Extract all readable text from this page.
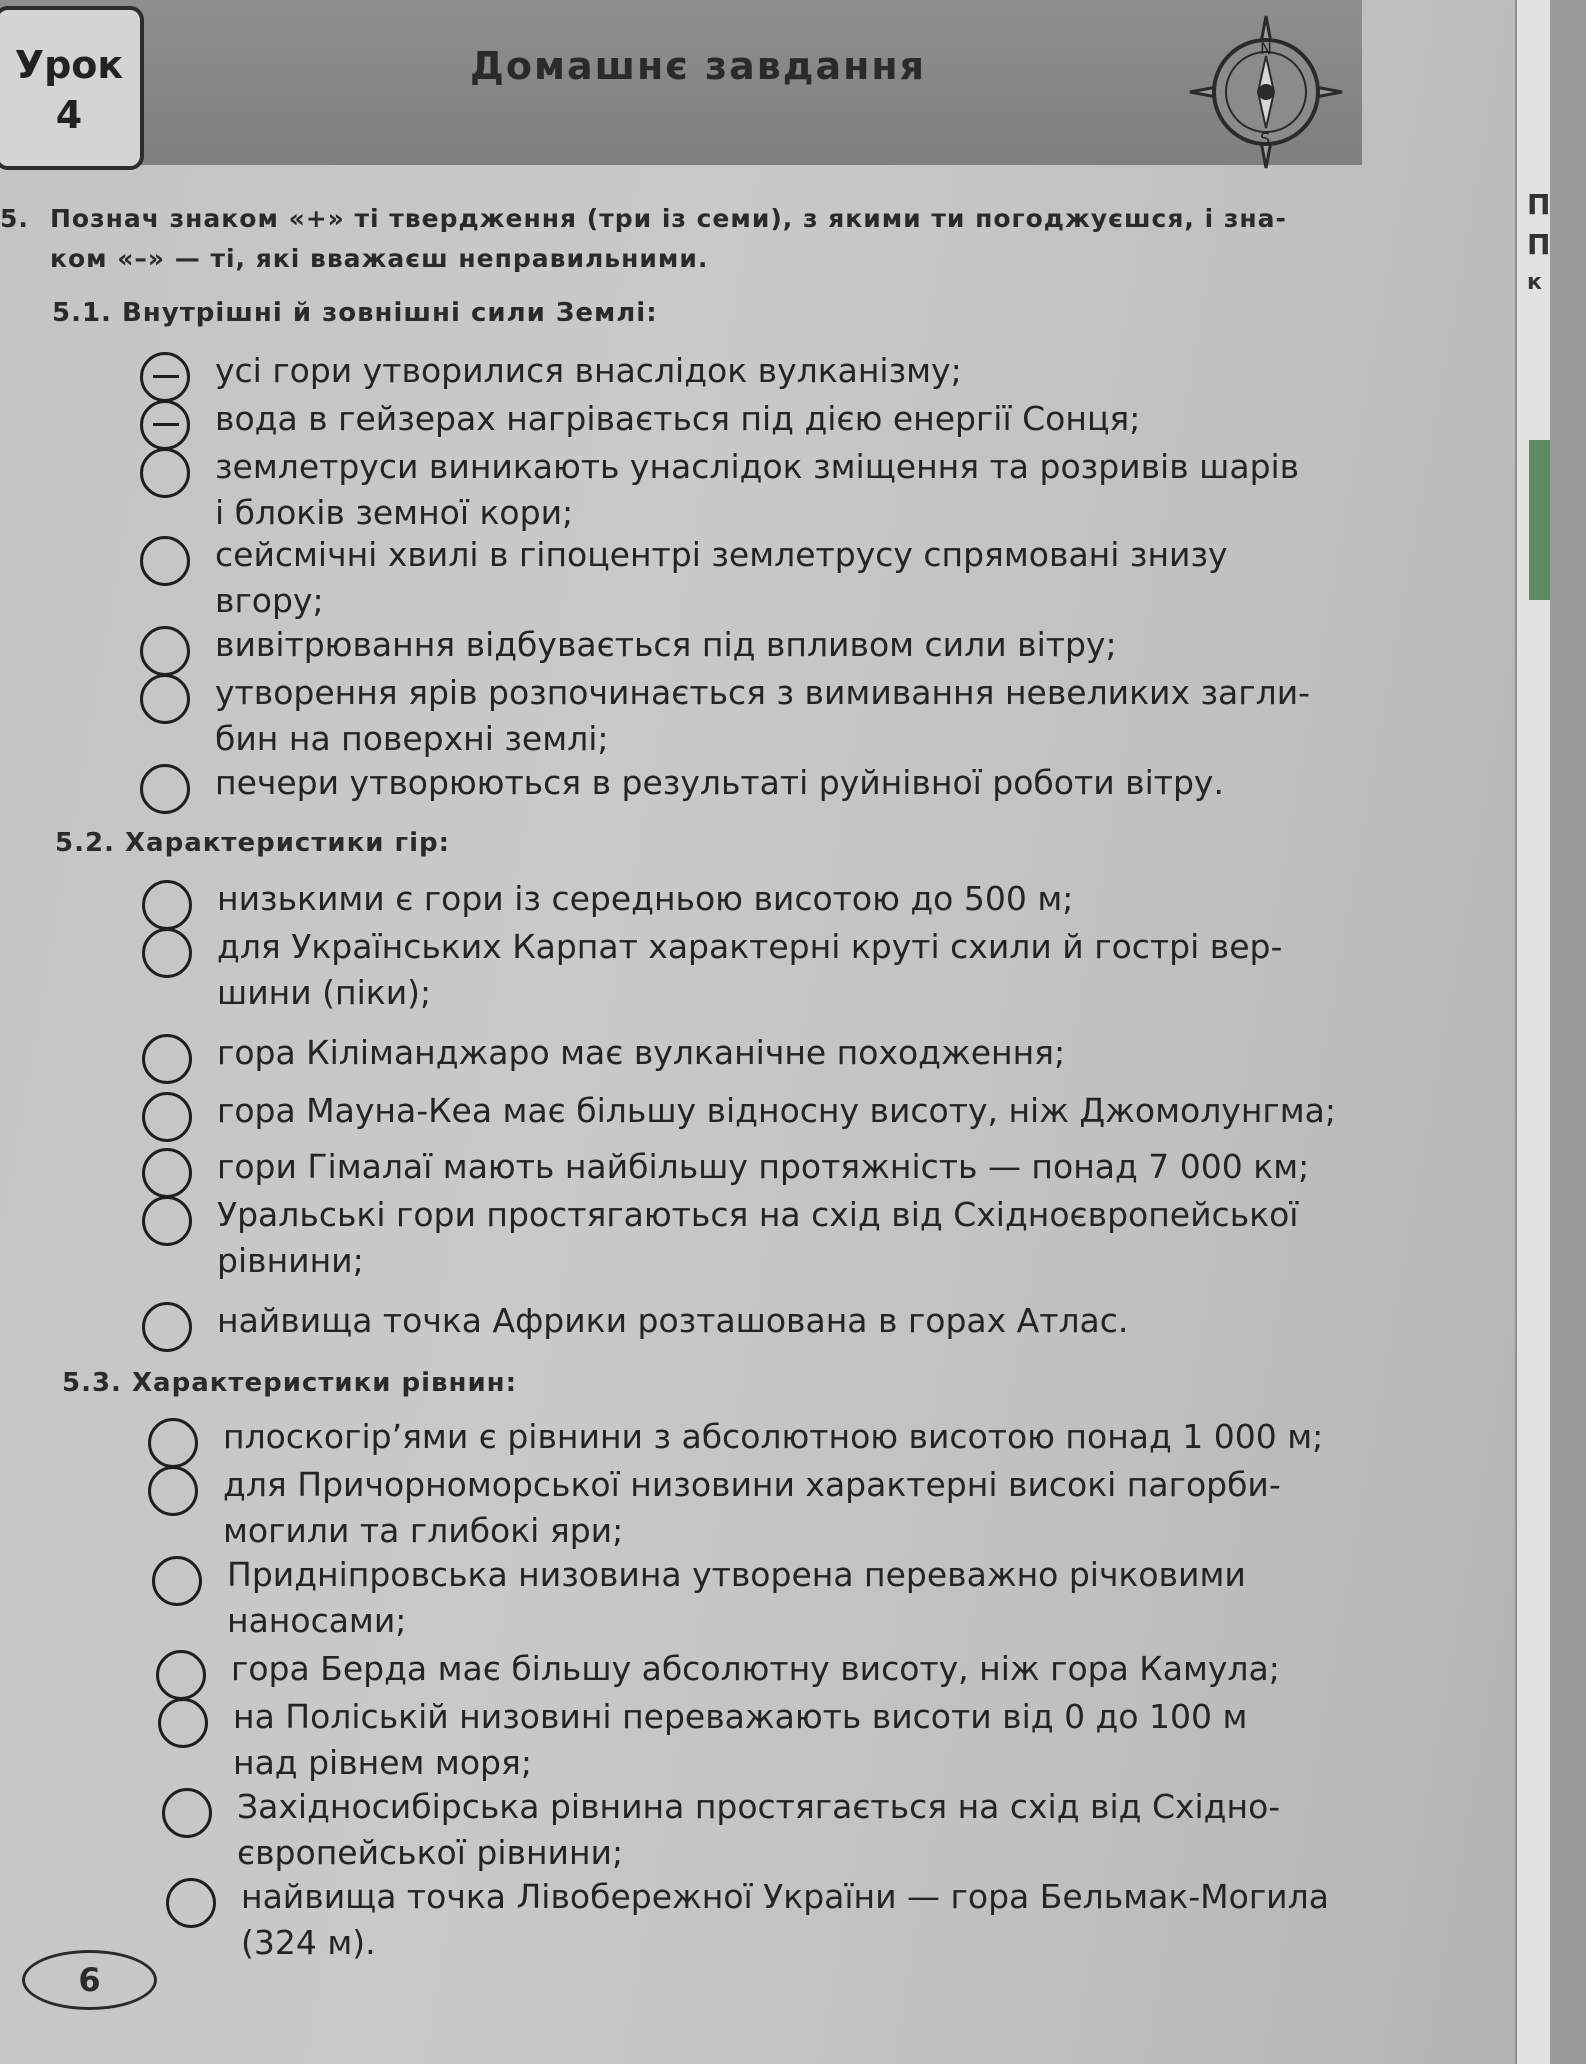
Урок
4
Домашнє завдання	N
S
5. Познач знаком «+» ті твердження (три із семи), з якими ти погоджуєшся, і зна-
ком «–» — ті, які вважаєш неправильними.
5.1. Внутрішні й зовнішні сили Землі:
усі гори утворилися внаслідок вулканізму;
вода в гейзерах нагрівається під дією енергії Сонця;
землетруси виникають унаслідок зміщення та розривів шарів
і блоків земної кори;
сейсмічні хвилі в гіпоцентрі землетрусу спрямовані знизу
вгору;
вивітрювання відбувається під впливом сили вітру;
утворення ярів розпочинається з вимивання невеликих загли-
бин на поверхні землі;
печери утворюються в результаті руйнівної роботи вітру.
5.2. Характеристики гір:
низькими є гори із середньою висотою до 500 м;
для Українських Карпат характерні круті схили й гострі вер-
шини (піки);
гора Кіліманджаро має вулканічне походження;
гора Мауна-Кеа має більшу відносну висоту, ніж Джомолунгма;
гори Гімалаї мають найбільшу протяжність — понад 7 000 км;
Уральські гори простягаються на схід від Східноєвропейської
рівнини;
найвища точка Африки розташована в горах Атлас.
5.3. Характеристики рівнин:
плоскогір’ями є рівнини з абсолютною висотою понад 1 000 м;
для Причорноморської низовини характерні високі пагорби-
могили та глибокі яри;
Придніпровська низовина утворена переважно річковими
наносами;
гора Берда має більшу абсолютну висоту, ніж гора Камула;
на Поліській низовині переважають висоти від 0 до 100 м
над рівнем моря;
Західносибірська рівнина простягається на схід від Східно-
європейської рівнини;
найвища точка Лівобережної України — гора Бельмак-Могила
(324 м).
6
П
П
к
